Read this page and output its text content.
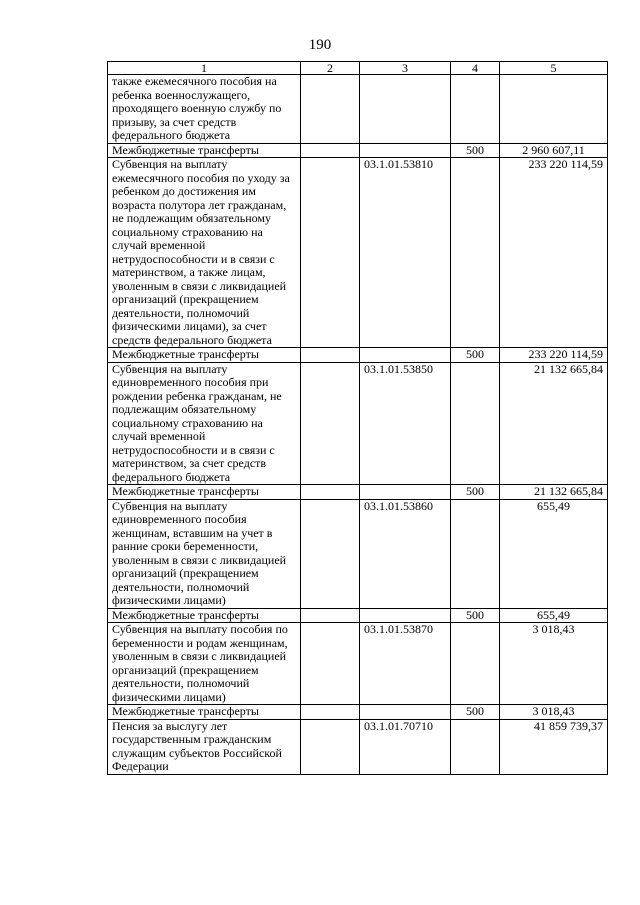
190
1	2	3	4	5
также ежемесячного пособия на ребенка военнослужащего, проходящего военную службу по призыву, за счет средств федерального бюджета				
Межбюджетные трансферты			500	2 960 607,11
Субвенция на выплату ежемесячного пособия по уходу за ребенком до достижения им возраста полутора лет гражданам, не подлежащим обязательному социальному страхованию на случай временной нетрудоспособности и в связи с материнством, а также лицам, уволенным в связи с ликвидацией организаций (прекращением деятельности, полномочий физическими лицами), за счет средств федерального бюджета		03.1.01.53810		233 220 114,59
Межбюджетные трансферты			500	233 220 114,59
Субвенция на выплату единовременного пособия при рождении ребенка гражданам, не подлежащим обязательному социальному страхованию на случай временной нетрудоспособности и в связи с материнством, за счет средств федерального бюджета		03.1.01.53850		21 132 665,84
Межбюджетные трансферты			500	21 132 665,84
Субвенция на выплату единовременного пособия женщинам, вставшим на учет в ранние сроки беременности, уволенным в связи с ликвидацией организаций (прекращением деятельности, полномочий физическими лицами)		03.1.01.53860		655,49
Межбюджетные трансферты			500	655,49
Субвенция на выплату пособия по беременности и родам женщинам, уволенным в связи с ликвидацией организаций (прекращением деятельности, полномочий физическими лицами)		03.1.01.53870		3 018,43
Межбюджетные трансферты			500	3 018,43
Пенсия за выслугу лет государственным гражданским служащим субъектов Российской Федерации		03.1.01.70710		41 859 739,37
